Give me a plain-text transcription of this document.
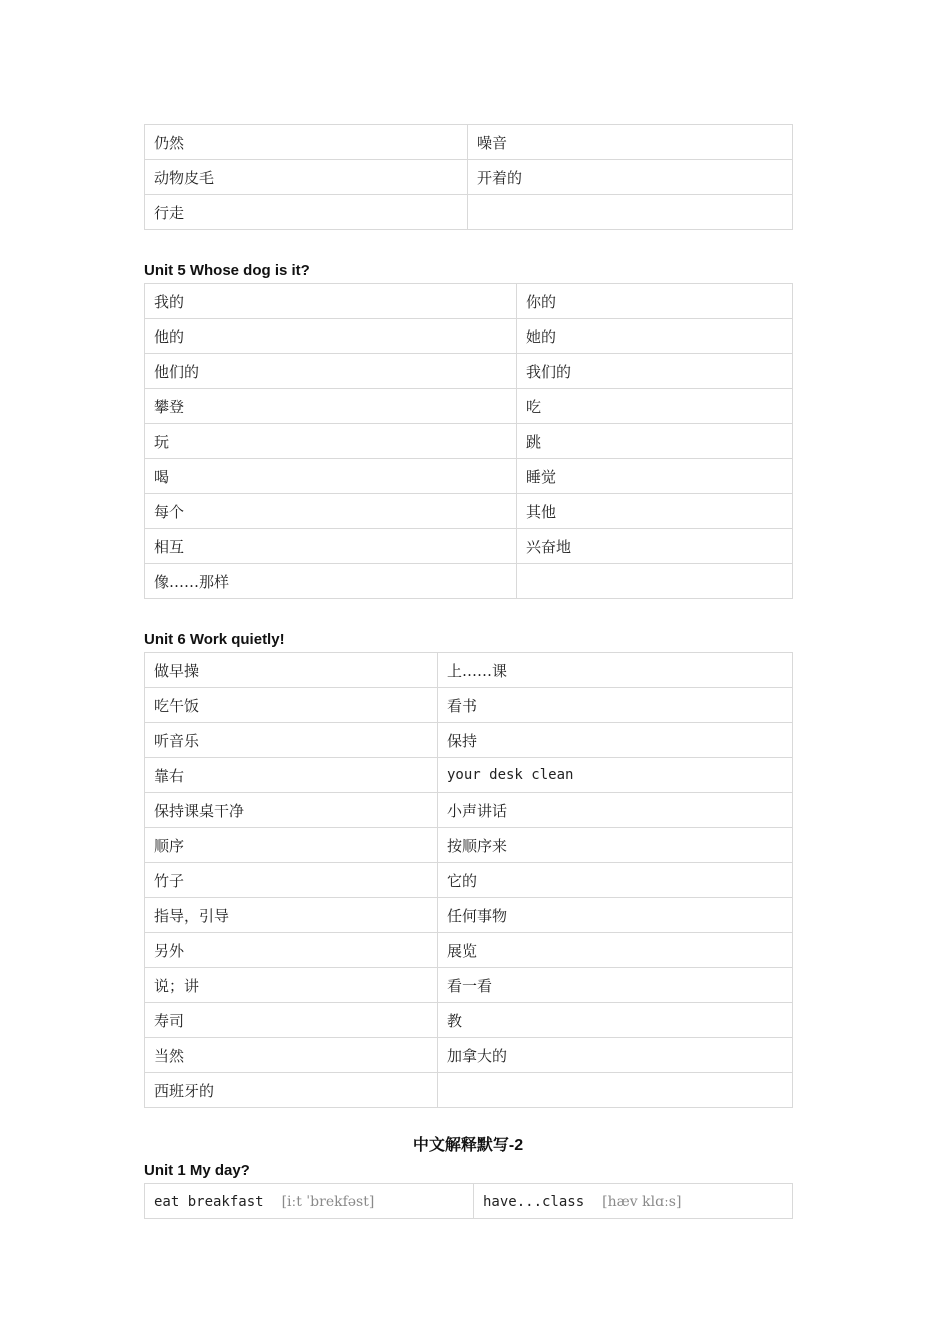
仍然	噪音
动物皮毛	开着的
行走	
Unit 5 Whose dog is it?
我的	你的
他的	她的
他们的	我们的
攀登	吃
玩	跳
喝	睡觉
每个	其他
相互	兴奋地
像……那样	
Unit 6 Work quietly!
做早操	上……课
吃午饭	看书
听音乐	保持
靠右	your desk clean
保持课桌干净	小声讲话
顺序	按顺序来
竹子	它的
指导，引导	任何事物
另外	展览
说；讲	看一看
寿司	教
当然	加拿大的
西班牙的	
中文解释默写-2
Unit 1 My day?
eat breakfast [iːt ˈbrekfəst]	have...class [hæv klɑːs]
